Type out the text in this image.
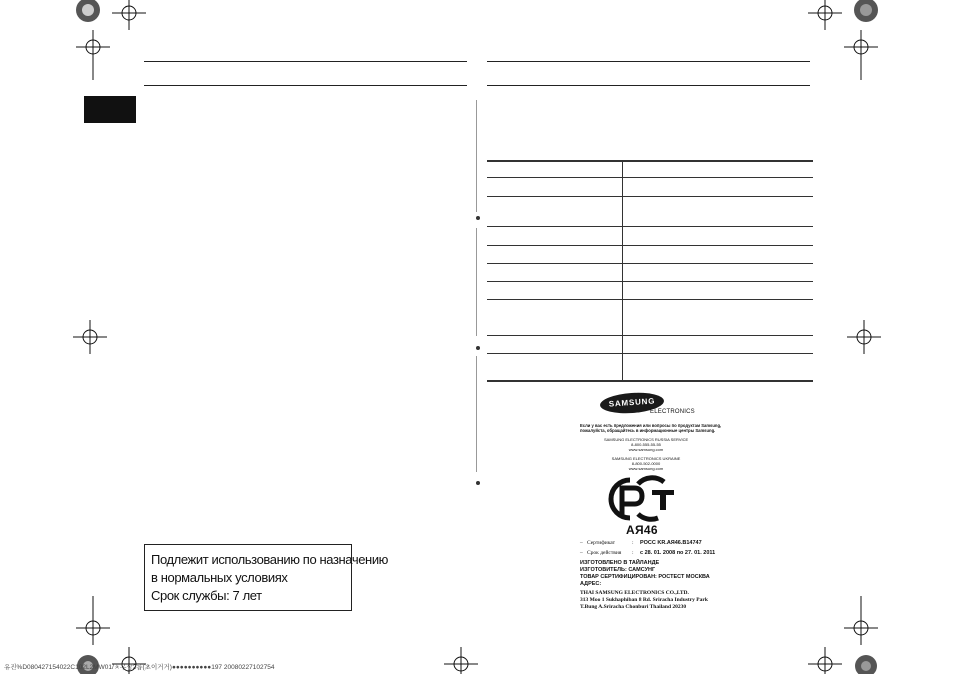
Подлежит использованию по назначению
в нормальных условиях
Срок службы: 7 лет
SAMSUNG
ELECTRONICS
Если у вас есть предложения или вопросы по продуктам Samsung,
пожалуйста, обращайтесь в информационные центры Samsung.
SAMSUNG ELECTRONICS RUSSIA SERVICE
8-800-555-55-55
www.samsung.com
SAMSUNG ELECTRONICS UKRAINE
8-800-502-0000
www.samsung.com
АЯ46
– Сертификат	: РОСС KR.АЯ46.В14747
– Срок действия : с 28. 01. 2008 по 27. 01. 2011
ИЗГОТОВЛЕНО В ТАЙЛАНДЕ
ИЗГОТОВИТЕЛЬ: САМСУНГ
ТОВАР СЕРТИФИЦИРОВАН: РОСТЕСТ МОСКВА
АДРЕС:
THAI SAMSUNG ELECTRONICS CO.,LTD.
313 Moo 1 Sukhaphiban 8 Rd. Sriracha Industry Park
T.Bung A.Sriracha Chonburi Thailand 20230
유진%D080427154022C102L2MW01/ㅊ우상2릅(초이거거)●●●●●●●●●●197 20080227102754
